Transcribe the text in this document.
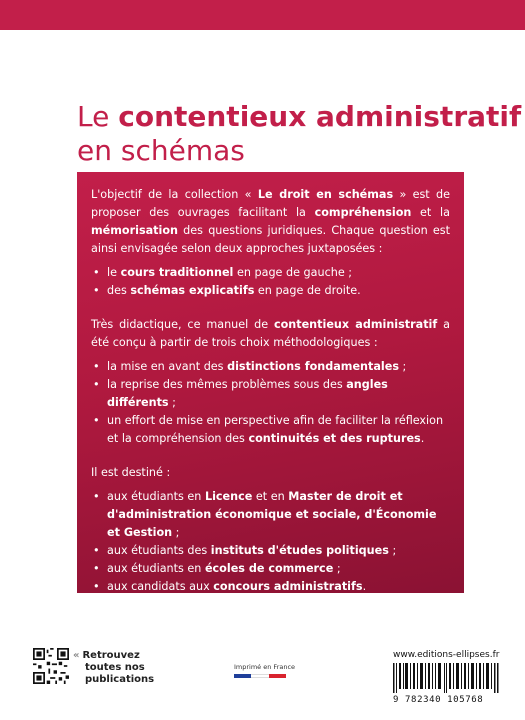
Le contentieux administratif
en schémas

L'objectif de la collection « Le droit en schémas » est de proposer des ouvrages facilitant la compréhension et la mémorisation des questions juridiques. Chaque question est ainsi envisagée selon deux approches juxtaposées :

• le cours traditionnel en page de gauche ;
• des schémas explicatifs en page de droite.

Très didactique, ce manuel de contentieux administratif a été conçu à partir de trois choix méthodologiques :

• la mise en avant des distinctions fondamentales ;
• la reprise des mêmes problèmes sous des angles différents ;
• un effort de mise en perspective afin de faciliter la réflexion et la compréhension des continuités et des ruptures.

Il est destiné :

• aux étudiants en Licence et en Master de droit et d'administration économique et sociale, d'Économie et Gestion ;
• aux étudiants des instituts d'études politiques ;
• aux étudiants en écoles de commerce ;
• aux candidats aux concours administratifs.
« Retrouvez
toutes nos
publications
Imprimé en France
www.editions-ellipses.fr
9 782340 105768
